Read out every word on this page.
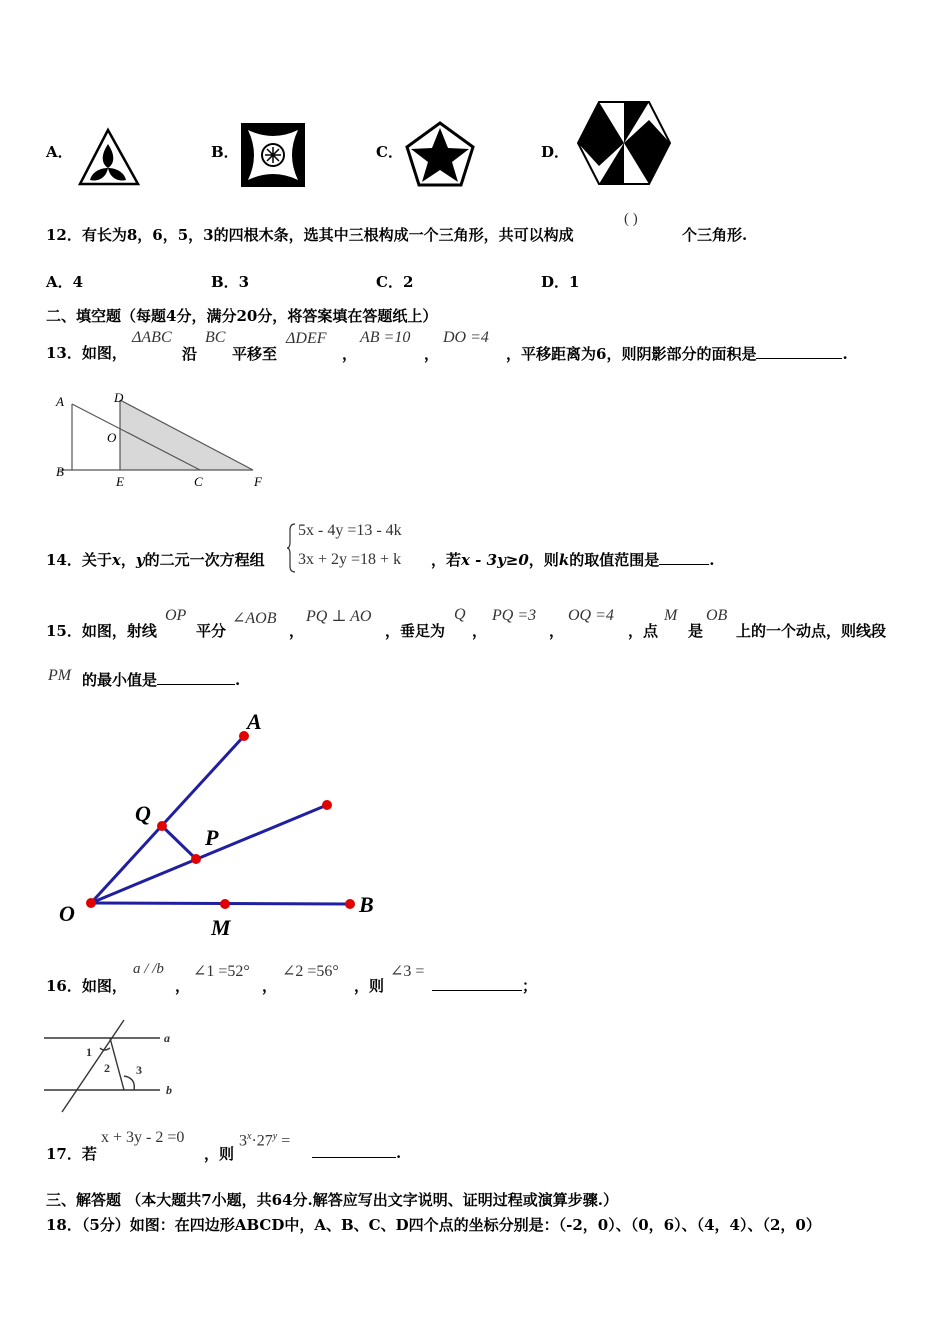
A．	B．	C．	D．
12．有长为8，6，5，3的四根木条，选其中三根构成一个三角形，共可以构成
( )
个三角形.
A．4	B．3	C．2	D．1
二、填空题（每题4分，满分20分，将答案填在答题纸上）
13．如图，
ΔABC
沿
BC
平移至
ΔDEF
，
AB =10
，
DO =4
，平移距离为6，则阴影部分的面积是	.
A
B
D
O
E	C	F
14．关于x，y的二元一次方程组
5x - 4y =13 - 4k
3x + 2y =18 + k ，若x - 3y≥0，则k的取值范围是	.
15．如图，射线
OP
平分
∠AOB
，
PQ ⊥ AO
，垂足为
Q
，
PQ =3
，
OQ =4
，点
M
是
OB
上的一个动点，则线段
PM 的最小值是	.
A
Q
P
O
M
B
16．如图，
a / /b
，
∠1 =52°
，
∠2 =56°
，则
∠3 =
；
1
2 3
a
b
17．若
x + 3y - 2 =0
，则
$3^x\cdot 27^y$ =
.
三、解答题 （本大题共7小题，共64分.解答应写出文字说明、证明过程或演算步骤.）
18．（5分）如图：在四边形ABCD中，A、B、C、D四个点的坐标分别是：（-2，0）、（0，6）、（4，4）、（2，0）
